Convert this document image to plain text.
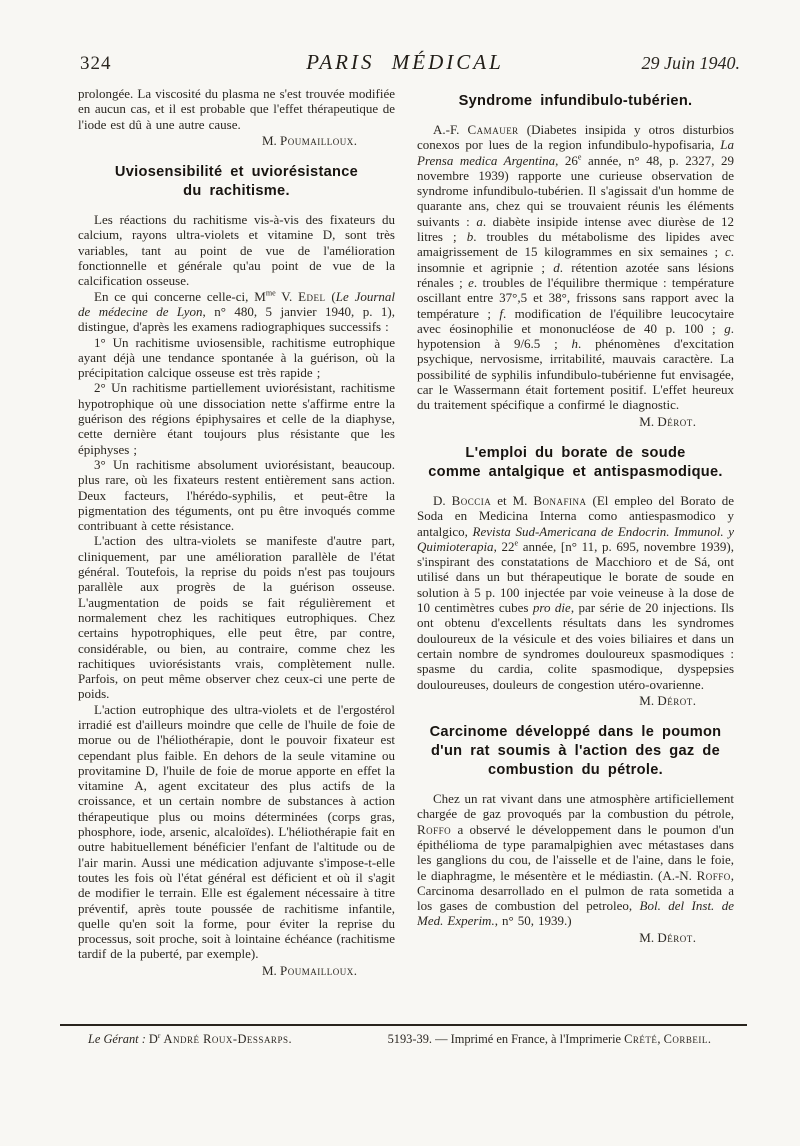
324	PARIS MÉDICAL	29 Juin 1940.

prolongée. La viscosité du plasma ne s'est trouvée modifiée en aucun cas, et il est probable que l'effet thérapeutique de l'iode est dû à une autre cause.

M. Poumailloux.
Uviosensibilité et uviorésistance
du rachitisme.

Les réactions du rachitisme vis-à-vis des fixateurs du calcium, rayons ultra-violets et vitamine D, sont très variables, tant au point de vue de l'amélioration fonctionnelle et générale qu'au point de vue de la calcification osseuse.

En ce qui concerne celle-ci, $M^{me}$ V. Edel (Le Journal de médecine de Lyon, n° 480, 5 janvier 1940, p. 1), distingue, d'après les examens radiographiques successifs :

1° Un rachitisme uviosensible, rachitisme eutrophique ayant déjà une tendance spontanée à la guérison, où la précipitation calcique osseuse est très rapide ;

2° Un rachitisme partiellement uviorésistant, rachitisme hypotrophique où une dissociation nette s'affirme entre la guérison des régions épiphysaires et celle de la diaphyse, cette dernière étant toujours plus résistante que les épiphyses ;

3° Un rachitisme absolument uviorésistant, beaucoup. plus rare, où les fixateurs restent entièrement sans action. Deux facteurs, l'hérédo-syphilis, et peut-être la pigmentation des téguments, ont pu être invoqués comme contribuant à cette résistance.

L'action des ultra-violets se manifeste d'autre part, cliniquement, par une amélioration parallèle de l'état général. Toutefois, la reprise du poids n'est pas toujours parallèle aux progrès de la guérison osseuse. L'augmentation de poids se fait régulièrement et normalement chez les rachitiques eutrophiques. Chez certains hypotrophiques, elle peut être, par contre, considérable, ou bien, au contraire, comme chez les rachitiques uviorésistants vrais, complètement nulle. Parfois, on peut même observer chez ceux-ci une perte de poids.

L'action eutrophique des ultra-violets et de l'ergostérol irradié est d'ailleurs moindre que celle de l'huile de foie de morue ou de l'héliothérapie, dont le pouvoir fixateur est cependant plus faible. En dehors de la seule vitamine ou provitamine D, l'huile de foie de morue apporte en effet la vitamine A, agent excitateur des plus actifs de la croissance, et un certain nombre de substances à action thérapeutique plus ou moins déterminées (corps gras, phosphore, iode, arsenic, alcaloïdes). L'héliothérapie fait en outre habituellement bénéficier l'enfant de l'altitude ou de l'air marin. Aussi une médication adjuvante s'impose-t-elle toutes les fois où l'état général est déficient et où il s'agit de modifier le terrain. Elle est également nécessaire à titre préventif, après toute poussée de rachitisme infantile, quelle qu'en soit la forme, pour éviter la reprise du processus, soit proche, soit à lointaine échéance (rachitisme tardif de la puberté, par exemple).

M. Poumailloux.
Syndrome infundibulo-tubérien.

A.-F. Camauer (Diabetes insipida y otros disturbios conexos por lues de la region infundibulo-hypofisaria, La Prensa medica Argentina, 26e année, n° 48, p. 2327, 29 novembre 1939) rapporte une curieuse observation de syndrome infundibulo-tubérien. Il s'agissait d'un homme de quarante ans, chez qui se trouvaient réunis les éléments suivants : a. diabète insipide intense avec diurèse de 12 litres ; b. troubles du métabolisme des lipides avec amaigrissement de 15 kilogrammes en six semaines ; c. insomnie et agripnie ; d. rétention azotée sans lésions rénales ; e. troubles de l'équilibre thermique : température oscillant entre 37°,5 et 38°, frissons sans rapport avec la température ; f. modification de l'équilibre leucocytaire avec éosinophilie et mononucléose de 40 p. 100 ; g. hypotension à 9/6.5 ; h. phénomènes d'excitation psychique, nervosisme, irritabilité, mauvais caractère. La possibilité de syphilis infundibulo-tubérienne fut envisagée, car le Wassermann était fortement positif. L'effet heureux du traitement spécifique a confirmé le diagnostic.

M. Dérot.
L'emploi du borate de soude
comme antalgique et antispasmodique.

D. Boccia et M. Bonafina (El empleo del Borato de Soda en Medicina Interna como antiespasmodico y antalgico, Revista Sud-Americana de Endocrin. Immunol. y Quimioterapia, 22e année, [n° 11, p. 695, novembre 1939), s'inspirant des constatations de Macchioro et de Sá, ont utilisé dans un but thérapeutique le borate de soude en solution à 5 p. 100 injectée par voie veineuse à la dose de 10 centimètres cubes pro die, par série de 20 injections. Ils ont obtenu d'excellents résultats dans les syndromes douloureux de la vésicule et des voies biliaires et dans un certain nombre de syndromes douloureux spasmodiques : spasme du cardia, colite spasmodique, dyspepsies douloureuses, douleurs de congestion utéro-ovarienne.

M. Dérot.
Carcinome développé dans le poumon
d'un rat soumis à l'action des gaz de
combustion du pétrole.

Chez un rat vivant dans une atmosphère artificiellement chargée de gaz provoqués par la combustion du pétrole, Roffo a observé le développement dans le poumon d'un épithélioma de type paramalpighien avec métastases dans les ganglions du cou, de l'aisselle et de l'aine, dans le foie, le diaphragme, le mésentère et le médiastin. (A.-N. Roffo, Carcinoma desarrollado en el pulmon de rata sometida a los gases de combustion del petroleo, Bol. del Inst. de Med. Experim., n° 50, 1939.)

M. Dérot.
Le Gérant : $D^r$ André Roux-Dessarps.	5193-39. — Imprimé en France, à l'Imprimerie Crété, Corbeil.
